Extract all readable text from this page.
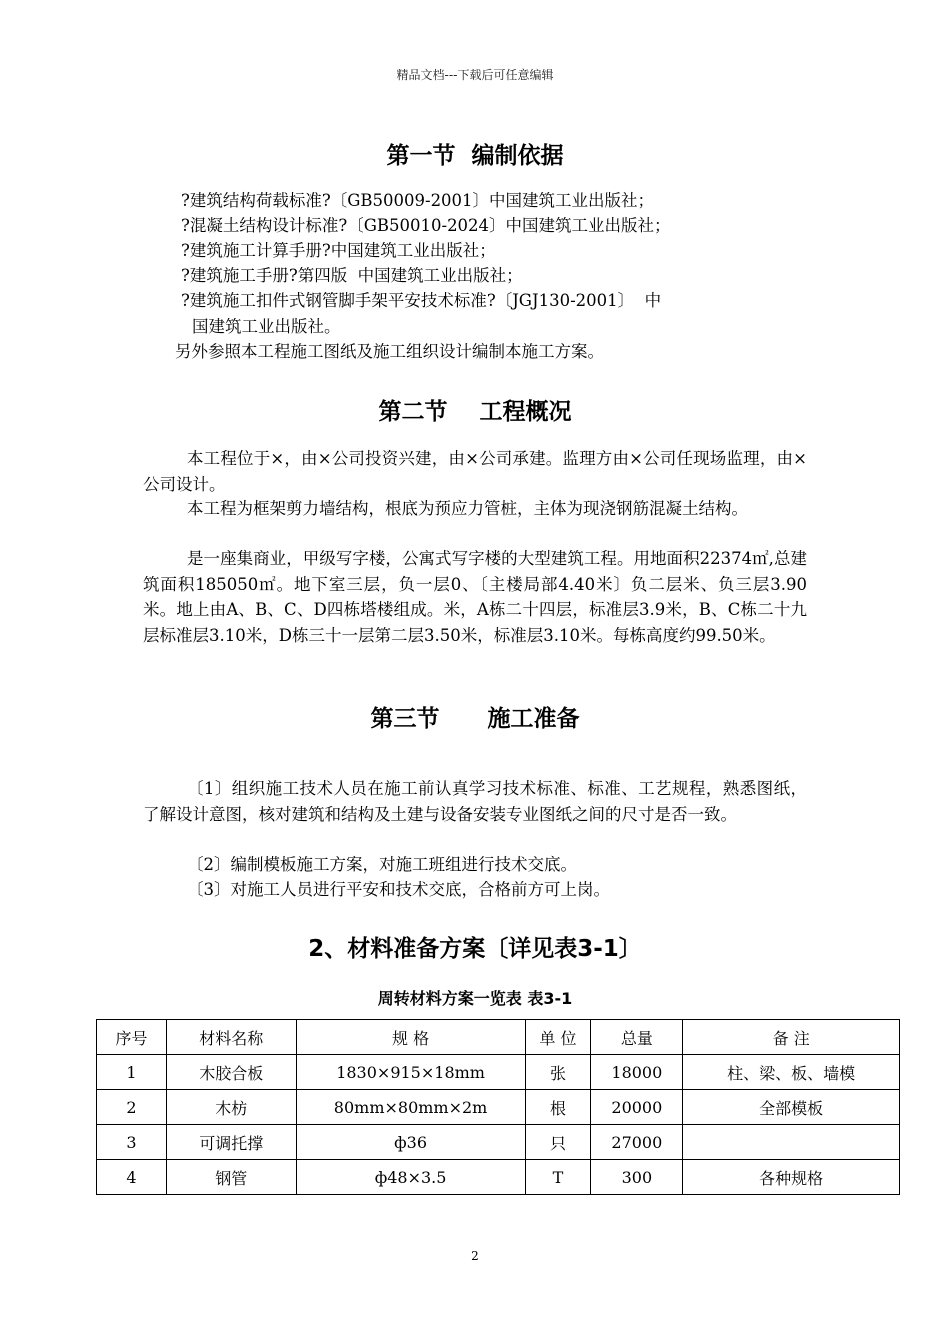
精品文档---下载后可任意编辑
第一节  编制依据
?建筑结构荷载标准?〔GB50009-2001〕中国建筑工业出版社；
?混凝土结构设计标准?〔GB50010-2024〕中国建筑工业出版社；
?建筑施工计算手册?中国建筑工业出版社；
?建筑施工手册?第四版  中国建筑工业出版社；
?建筑施工扣件式钢管脚手架平安技术标准?〔JGJ130-2001〕  中
国建筑工业出版社。
另外参照本工程施工图纸及施工组织设计编制本施工方案。
第二节    工程概况
本工程位于×，由×公司投资兴建，由×公司承建。监理方由×公司任现场监理，由×公司设计。
本工程为框架剪力墙结构，根底为预应力管桩，主体为现浇钢筋混凝土结构。
是一座集商业，甲级写字楼，公寓式写字楼的大型建筑工程。用地面积22374㎡,总建筑面积185050㎡。地下室三层，负一层0、〔主楼局部4.40米〕负二层米、负三层3.90米。地上由A、B、C、D四栋塔楼组成。米，A栋二十四层，标准层3.9米，B、C栋二十九层标准层3.10米，D栋三十一层第二层3.50米，标准层3.10米。每栋高度约99.50米。
第三节      施工准备
〔1〕组织施工技术人员在施工前认真学习技术标准、标准、工艺规程，熟悉图纸，了解设计意图，核对建筑和结构及土建与设备安装专业图纸之间的尺寸是否一致。
〔2〕编制模板施工方案，对施工班组进行技术交底。
〔3〕对施工人员进行平安和技术交底，合格前方可上岗。
2、材料准备方案〔详见表3-1〕
周转材料方案一览表 表3-1
序号	材料名称	规 格	单 位	总量	备 注
1	木胶合板	1830×915×18mm	张	18000	柱、梁、板、墙模
2	木枋	80mm×80mm×2m	根	20000	全部模板
3	可调托撑	ф36	只	27000	
4	钢管	ф48×3.5	T	300	各种规格
2
